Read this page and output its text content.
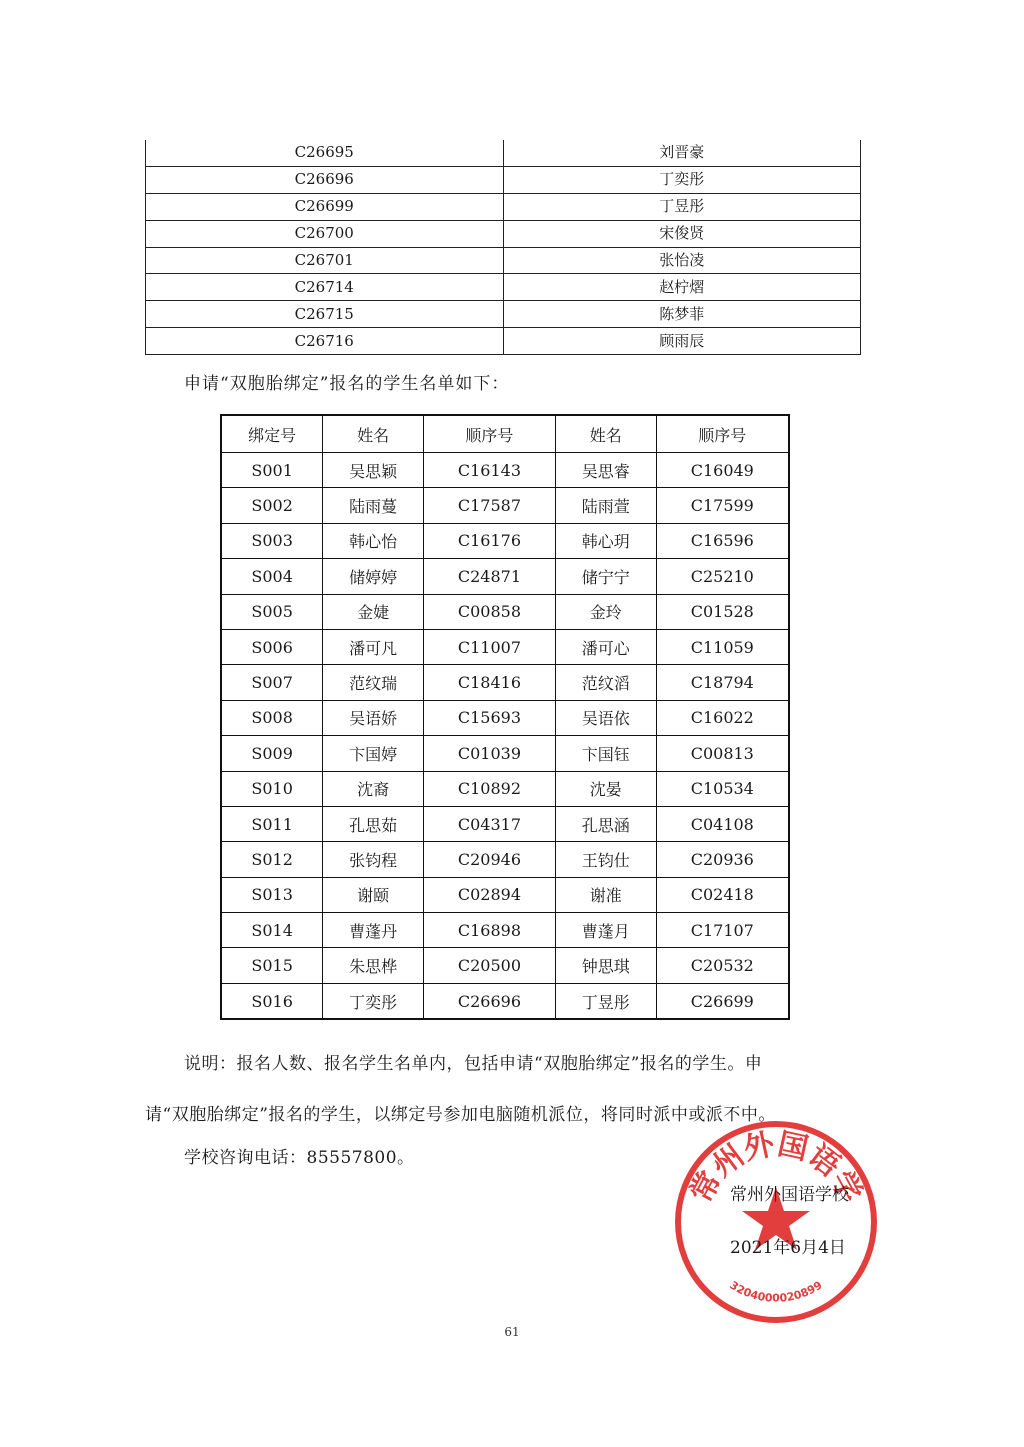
C26695	刘晋豪
C26696	丁奕彤
C26699	丁昱彤
C26700	宋俊贤
C26701	张怡凌
C26714	赵柠熠
C26715	陈梦菲
C26716	顾雨辰
申请“双胞胎绑定”报名的学生名单如下：
绑定号	姓名	顺序号	姓名	顺序号
S001	吴思颖	C16143	吴思睿	C16049
S002	陆雨蔓	C17587	陆雨萱	C17599
S003	韩心怡	C16176	韩心玥	C16596
S004	储婷婷	C24871	储宁宁	C25210
S005	金婕	C00858	金玲	C01528
S006	潘可凡	C11007	潘可心	C11059
S007	范纹瑞	C18416	范纹滔	C18794
S008	吴语娇	C15693	吴语依	C16022
S009	卞国婷	C01039	卞国钰	C00813
S010	沈裔	C10892	沈晏	C10534
S011	孔思茹	C04317	孔思涵	C04108
S012	张钧程	C20946	王钧仕	C20936
S013	谢颐	C02894	谢准	C02418
S014	曹蓬丹	C16898	曹蓬月	C17107
S015	朱思桦	C20500	钟思琪	C20532
S016	丁奕彤	C26696	丁昱彤	C26699
说明：报名人数、报名学生名单内，包括申请“双胞胎绑定”报名的学生。申
请“双胞胎绑定”报名的学生，以绑定号参加电脑随机派位，将同时派中或派不中。
学校咨询电话：85557800。
常州外国语学
3204000020899
常州外国语学校
2021年6月4日
61
